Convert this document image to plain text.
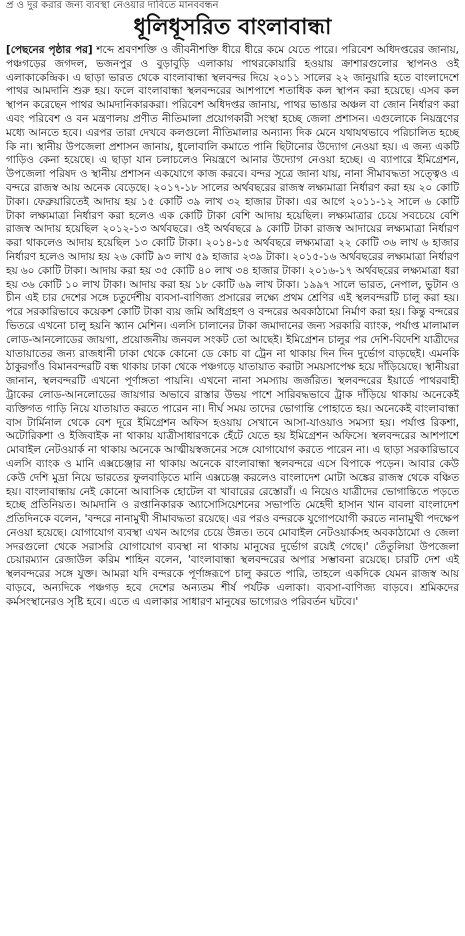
প্র ও দুর করার জন্য ব্যবস্থা নেওয়ার দাবিতে মানববন্ধন
ধূলিধূসরিত বাংলাবান্ধা

[পেছনের পৃষ্ঠার পর] শব্দে শ্রবণশক্তি ও জীবনীশক্তি ধীরে ধীরে কমে যেতে পারে। পরিবেশ অধিদপ্তরের জানায়, পঞ্চগড়ের জগদল, ভজনপুর ও বুড়াবুড়ি এলাকায় পাথরকোয়ারি হওয়ায় ক্রাশারগুলোর স্থাপনও ওই এলাকাকেন্দ্রিক। এ ছাড়া ভারত থেকে বাংলাবান্ধা স্থলবন্দর দিয়ে ২০১১ সালের ২২ জানুয়ারি হতে বাংলাদেশে পাথর আমদানি শুরু হয়। ফলে বাংলাবান্ধা স্থলবন্দরের আশপাশে শতাধিক কল স্থাপন করা হয়েছে। এসব কল স্থাপন করেছেন পাথর আমদানিকারকরা। পরিবেশ অধিদপ্তর জানায়, পাথর ভাঙার অঞ্চল বা জোন নির্ধারণ করা এবং পরিবেশ ও বন মন্ত্রণালয় প্রণীত নীতিমালা প্রয়োগকারী সংস্থা হচ্ছে জেলা প্রশাসন। এগুলোকে নিয়ন্ত্রণের মধ্যে আনতে হবে। এরপর তারা দেখবে কলগুলো নীতিমালার অন্যান্য দিক মেনে যথাযথভাবে পরিচালিত হচ্ছে কি না। স্থানীয় উপজেলা প্রশাসন জানায়, ধুলোবালি কমাতে পানি ছিটানোর উদ্যোগ নেওয়া হয়। এ জন্য একটি গাড়িও কেনা হয়েছে। এ ছাড়া যান চলাচলেও নিয়ন্ত্রণে আনার উদ্যোগ নেওয়া হচ্ছে। এ ব্যাপারে ইমিগ্রেশন, উপজেলা পরিষদ ও স্থানীয় প্রশাসন একযোগে কাজ করবে। বন্দর সূত্রে জানা যায়, নানা সীমাবদ্ধতা সত্ত্বেও এ বন্দরে রাজস্ব আয় অনেক বেড়েছে। ২০১৭-১৮ সালের অর্থবছরের রাজস্ব লক্ষ্যমাত্রা নির্ধারণ করা হয় ২০ কোটি টাকা। ফেব্রুয়ারিতেই আদায় হয় ১৫ কোটি ৩৯ লাখ ৩২ হাজার টাকা। এর আগে ২০১১-১২ সালে ৬ কোটি টাকা লক্ষ্যমাত্রা নির্ধারণ করা হলেও এক কোটি টাকা বেশি আদায় হয়েছিল। লক্ষ্যমাত্রার চেয়ে সবচেয়ে বেশি রাজস্ব আদায় হয়েছিল ২০১২-১৩ অর্থবছরে। ওই অর্থবছরে ৯ কোটি টাকা রাজস্ব আদায়ের লক্ষ্যমাত্রা নির্ধারণ করা থাকলেও আদায় হয়েছিল ১৩ কোটি টাকা। ২০১৪-১৫ অর্থবছরে লক্ষ্যমাত্রা ২২ কোটি ৩৬ লাখ ৬ হাজার নির্ধারণ হলেও আদায় হয় ২৬ কোটি ৯৩ লাখ ৫৯ হাজার ২৩৯ টাকা। ২০১৫-১৬ অর্থবছরের লক্ষ্যমাত্রা নির্ধারণ হয় ৬০ কোটি টাকা। আদায় করা হয় ৩৫ কোটি ৪০ লাখ ৩৪ হাজার টাকা। ২০১৬-১৭ অর্থবছরের লক্ষ্যমাত্রা ধরা হয় ৩৬ কোটি ১০ লাখ টাকা। আদায় করা হয় ১৮ কোটি ৬৯ লাখ টাকা। ১৯৯৭ সালে ভারত, নেপাল, ভুটান ও চীন এই চার দেশের সঙ্গে চতুর্দেশীয় ব্যবসা-বাণিজ্য প্রসারের লক্ষ্যে প্রথম শ্রেণির এই স্থলবন্দরটি চালু করা হয়। পরে সরকারিভাবে কয়েকশ কোটি টাকা ব্যয় জমি অধিগ্রহণ ও বন্দরের অবকাঠামো নির্মাণ করা হয়। কিন্তু বন্দরের ভিতরে এখনো চালু হয়নি স্ক্যান মেশিন। এলসি চালানের টাকা জমাদানের জন্য সরকারি ব্যাংক, পর্যাপ্ত মালামাল লোড-আনলোডের জায়গা, প্রয়োজনীয় জনবল সংকট তো আছেই। ইমিগ্রেশন চালুর পর দেশি-বিদেশি যাত্রীদের যাতায়াতের জন্য রাজধানী ঢাকা থেকে কোনো ডে কোচ বা ট্রেন না থাকায় দিন দিন দুর্ভোগ বাড়ছেই। এমনকি ঠাকুরগাঁও বিমানবন্দরটি বন্ধ থাকায় ঢাকা থেকে পঞ্চগড়ে যাতায়াত করাটা সময়সাপেক্ষ হয়ে দাঁড়িয়েছে। স্থানীয়রা জানান, স্থলবন্দরটি এখনো পূর্ণাঙ্গতা পায়নি। এখনো নানা সমস্যায় জর্জরিত। স্থলবন্দরের ইয়ার্ডে পাথরবাহী ট্রাকের লোড-আনলোডের জায়গার অভাবে রাস্তার উভয় পাশে সারিবদ্ধভাবে ট্রাক দাঁড়িয়ে থাকায় অনেকেই ব্যক্তিগত গাড়ি নিয়ে যাতায়াত করতে পারেন না। দীর্ঘ সময় তাদের ভোগান্তি পোহাতে হয়। অনেকেই বাংলাবান্ধা বাস টার্মিনাল থেকে বেশ দূরে ইমিগ্রেশন অফিস হওয়ায় সেখানে আসা-যাওয়াও সমস্যা হয়। পর্যাপ্ত রিকশা, অটোরিকশা ও ইজিবাইক না থাকায় যাত্রীসাধারণকে হেঁটে যেতে হয় ইমিগ্রেশন অফিসে। স্থলবন্দরের আশপাশে মোবাইল নেটওয়ার্ক না থাকায় অনেকে আত্মীয়স্বজনের সঙ্গে যোগাযোগ করতে পারেন না। এ ছাড়া সরকারিভাবে এলসি ব্যাংক ও মানি এক্সচেঞ্জার না থাকায় অনেকে বাংলাবান্ধা স্থলবন্দরে এসে বিপাকে পড়েন। আবার কেউ কেউ দেশি মুদ্রা নিয়ে ভারতের ফুলবাড়িতে মানি এক্সচেঞ্জ করলেও বাংলাদেশ মোটা অঙ্কের রাজস্ব থেকে বঞ্চিত হয়। বাংলাবান্ধায় নেই কোনো আবাসিক হোটেল বা খাবারের রেস্তোরাঁ। এ নিয়েও যাত্রীদের ভোগান্তিতে পড়তে হচ্ছে প্রতিনিয়ত। আমদানি ও রপ্তানিকারক অ্যাসোসিয়েশনের সভাপতি মেহেদী হাসান খান বাবলা বাংলাদেশ প্রতিদিনকে বলেন, 'বন্দরে নানামুখী সীমাবদ্ধতা রয়েছে। এর পরও বন্দরকে যুগোপযোগী করতে নানামুখী পদক্ষেপ নেওয়া হয়েছে। যোগাযোগ ব্যবস্থা এখন আগের চেয়ে উন্নত। তবে মোবাইল নেটওয়ার্কসহ অবকাঠামো ও জেলা সদরগুলো থেকে সরাসরি যোগাযোগ ব্যবস্থা না থাকায় মানুষের দুর্ভোগ রয়েই গেছে।' তেঁতুলিয়া উপজেলা চেয়ারম্যান রেজাউল করিম শাহিন বলেন, 'বাংলাবান্ধা স্থলবন্দরের অপার সম্ভাবনা রয়েছে। চারটি দেশ এই স্থলবন্দরের সঙ্গে যুক্ত। আমরা যদি বন্দরকে পূর্ণাঙ্গরূপে চালু করতে পারি, তাহলে একদিকে যেমন রাজস্ব আয় বাড়বে, অন্যদিকে পঞ্চগড় হবে দেশের অন্যতম শীর্ষ পর্যটক এলাকা। ব্যবসা-বাণিজ্য বাড়বে। শ্রমিকদের কর্মসংস্থানেরও সৃষ্টি হবে। এতে এ এলাকার সাধারণ মানুষের ভাগ্যেরও পরিবর্তন ঘটবে।'
